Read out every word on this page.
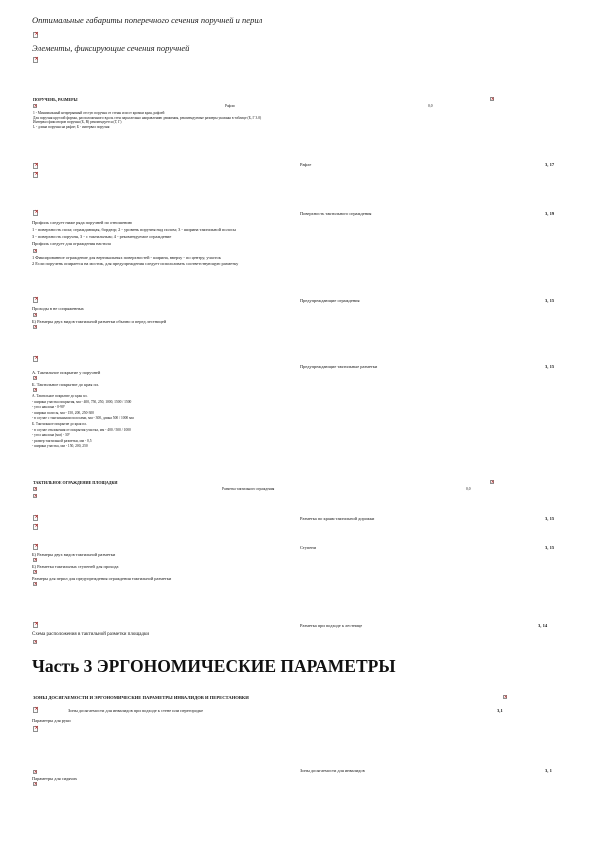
Оптимальные габариты поперечного сечения поручней и перил
×
Элементы, фиксирующие сечения поручней
×
ПОРУЧЕНЬ, РАЗМЕРЫ
×
×
Рафли	0,0
1 - Минимальный непрерывный отступ поручня от стены или от кромки края, рафлей
Для поручня круглой формы, расположенного вдоль стен параллельно направлению движения, рекомендуемые размеры указаны в таблице (Б, Г 3.0)
Интервал фиксаторов поручня (Б, В) рекомендуется (Г, Г)
L - длина поручня на рафле; Б - интервал поручня
×
×
Рафле	3, 17
×
Поверхность тактильного ограждения	3, 19
Профиль следует ниже ряда поручней по отношению
1 - поверхность пола; ограждающая, бордюр; 2 - уровень поручня над полом; 3 - ширина тактильной полосы
3 - поверхность поручня, 3 - с тактильным; 4 - рекомендуемое ограждение
Профиль следует для ограждения настила
×
1 Фиксированное ограждение для вертикальных поверхностей - ширина, вверху - по центру, участок
2 Если поручень опирается на мостик, для предупреждения следует использовать соответствующую разметку
×
Предупреждающие ограждения	3, 15
Проходы в не сопряженных
×
Б) Размеры двух видов тактильной разметки обычно и перед лестницей
×
×
Предупреждающие тактильные разметки	3, 15
А. Тактильное покрытие у поручней
×
Б. Тактильное покрытие до края пл.
×
А. Тактильное покрытие до края пл.
- ширина участка покрытия, мм - 400, 750, 250, 1000, 1500 / 1500
- угол наклона - 0-90°
- ширина полосы, мм - 150, 200, 250-300
- в случае с тактильными полосами, мм - 300, длина 500 / 1000 мм
Б. Тактильное покрытие до края пл.
- в случае отклонения от покрытия участка, мм - 400 / 500 / 1000
- угол наклона (мм) - 30°
- размер тактильной разметки, мм - 0,5
- ширина участка, мм - 150, 200, 250
ТАКТИЛЬНОЕ ОГРАЖДЕНИЕ ПЛОЩАДКИ
×
×
Разметка тактильного ограждения	0,0
×
×
Разметка по краям тактильной дорожки	3, 15
×
×
Ступени	3, 15
Б) Размеры двух видов тактильной разметки
×
Б) Разметка тактильных ступеней для прохода
×
Размеры для перил для предупреждения ограждения тактильной разметки
×
×
Разметка при подходе к лестнице	3, 14
Схема расположения в тактильной разметки площадки
×
Часть 3 ЭРГОНОМИЧЕСКИЕ ПАРАМЕТРЫ
ЗОНЫ ДОСЯГАЕМОСТИ И ЭРГОНОМИЧЕСКИЕ ПАРАМЕТРЫ ИНВАЛИДОВ И ПЕРЕСТАНОВКИ
×
×
Зоны досягаемости для инвалидов при подходе к стене или перегородке	3,1
Параметры для руки
×
Зоны досягаемости для инвалидов	3, 1
×
Параметры для сидячих
×
